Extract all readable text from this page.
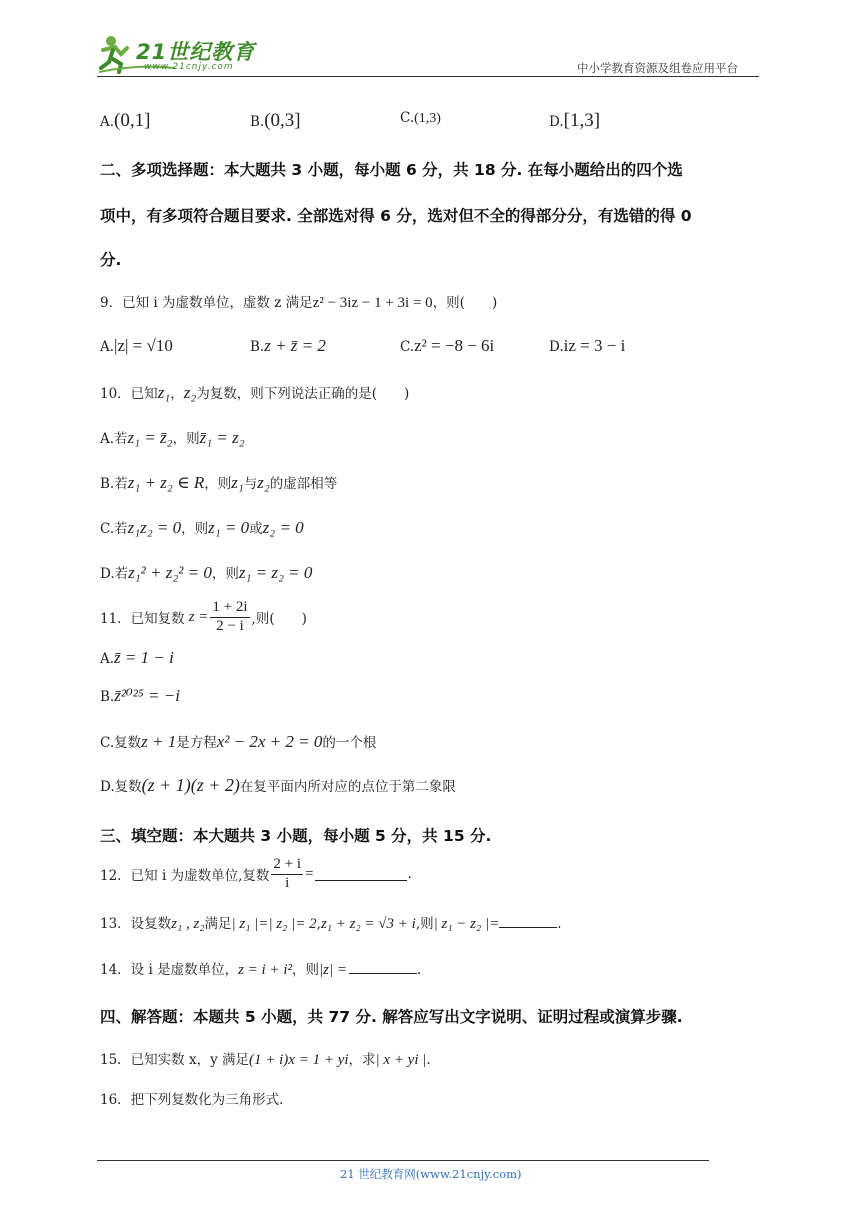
21世纪教育
www.21cnjy.com	中小学教育资源及组卷应用平台
A.(0,1]	B.(0,3]	C.(1,3)	D.[1,3]
二、多项选择题：本大题共 3 小题，每小题 6 分，共 18 分. 在每小题给出的四个选
项中，有多项符合题目要求. 全部选对得 6 分，选对但不全的得部分分，有选错的得 0
分.
9．已知 i 为虚数单位，虚数 z 满足z² − 3iz − 1 + 3i = 0，则(　　)
A.|z| = √10	B.z + z̄ = 2	C.z² = −8 − 6i	D.iz = 3 − i
10．已知z₁，z₂为复数，则下列说法正确的是(　　)
A.若z₁ = z̄₂，则z̄₁ = z₂
B.若z₁ + z₂ ∈ R，则z₁与z₂的虚部相等
C.若z₁z₂ = 0，则z₁ = 0或z₂ = 0
D.若z₁² + z₂² = 0，则z₁ = z₂ = 0
11．已知复数 $z = \frac{1 + 2i}{2 - i}$ ,则(　　)
A.z̄ = 1 − i
B.z̄²⁰²⁵ = −i
C.复数z + 1是方程x² − 2x + 2 = 0的一个根
D.复数(z + 1)(z + 2)在复平面内所对应的点位于第二象限
三、填空题：本大题共 3 小题，每小题 5 分，共 15 分.
12．已知 i 为虚数单位,复数 $\frac{2 + i}{i}$ =	.
13．设复数z₁ , z₂满足| z₁ |=| z₂ |= 2,z₁ + z₂ = √3 + i,则| z₁ − z₂ |=	.
14．设 i 是虚数单位，z = i + i²，则|z| =	.
四、解答题：本题共 5 小题，共 77 分. 解答应写出文字说明、证明过程或演算步骤.
15．已知实数 x，y 满足(1 + i)x = 1 + yi，求| x + yi |.
16．把下列复数化为三角形式.
21 世纪教育网(www.21cnjy.com)
